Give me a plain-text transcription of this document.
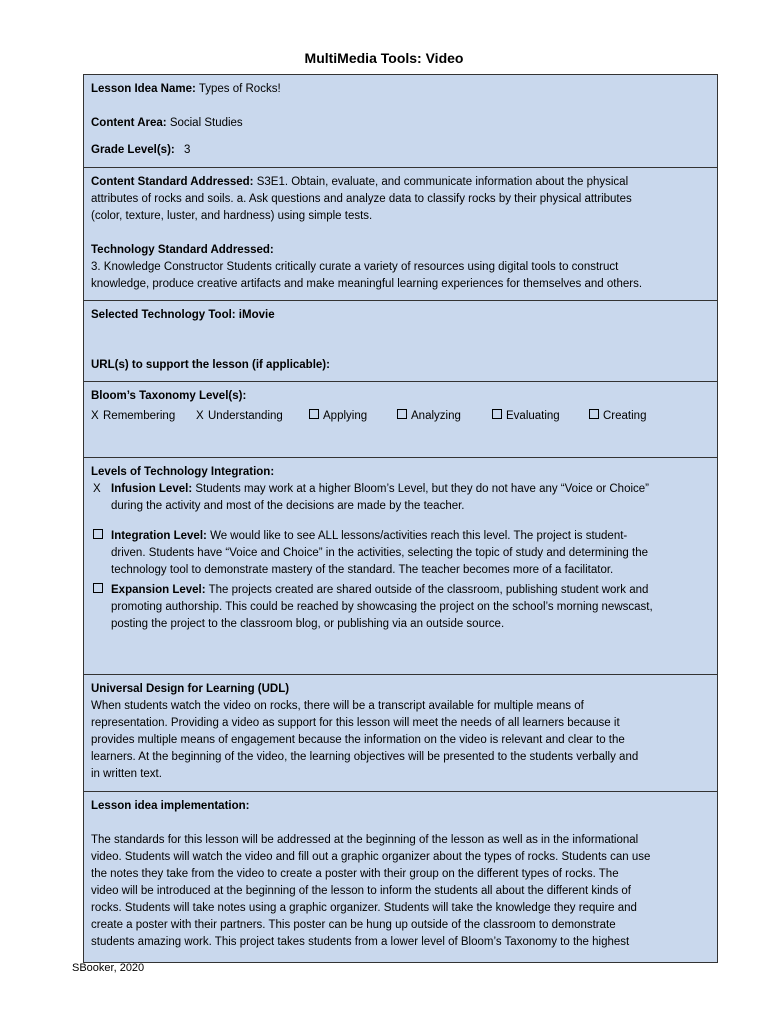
MultiMedia Tools: Video
Lesson Idea Name: Types of Rocks!
Content Area: Social Studies
Grade Level(s): 3
Content Standard Addressed: S3E1. Obtain, evaluate, and communicate information about the physical
attributes of rocks and soils. a. Ask questions and analyze data to classify rocks by their physical attributes
(color, texture, luster, and hardness) using simple tests.
Technology Standard Addressed:
3. Knowledge Constructor Students critically curate a variety of resources using digital tools to construct
knowledge, produce creative artifacts and make meaningful learning experiences for themselves and others.
Selected Technology Tool: iMovie
URL(s) to support the lesson (if applicable):
Bloom’s Taxonomy Level(s):
X Remembering	X Understanding	Applying	Analyzing	Evaluating	Creating
Levels of Technology Integration:
X Infusion Level: Students may work at a higher Bloom’s Level, but they do not have any “Voice or Choice”
during the activity and most of the decisions are made by the teacher.
Integration Level: We would like to see ALL lessons/activities reach this level. The project is student-
driven. Students have “Voice and Choice” in the activities, selecting the topic of study and determining the
technology tool to demonstrate mastery of the standard. The teacher becomes more of a facilitator.
Expansion Level: The projects created are shared outside of the classroom, publishing student work and
promoting authorship. This could be reached by showcasing the project on the school’s morning newscast,
posting the project to the classroom blog, or publishing via an outside source.
Universal Design for Learning (UDL)
When students watch the video on rocks, there will be a transcript available for multiple means of
representation. Providing a video as support for this lesson will meet the needs of all learners because it
provides multiple means of engagement because the information on the video is relevant and clear to the
learners. At the beginning of the video, the learning objectives will be presented to the students verbally and
in written text.
Lesson idea implementation:
The standards for this lesson will be addressed at the beginning of the lesson as well as in the informational
video. Students will watch the video and fill out a graphic organizer about the types of rocks. Students can use
the notes they take from the video to create a poster with their group on the different types of rocks. The
video will be introduced at the beginning of the lesson to inform the students all about the different kinds of
rocks. Students will take notes using a graphic organizer. Students will take the knowledge they require and
create a poster with their partners. This poster can be hung up outside of the classroom to demonstrate
students amazing work. This project takes students from a lower level of Bloom’s Taxonomy to the highest
SBooker, 2020
